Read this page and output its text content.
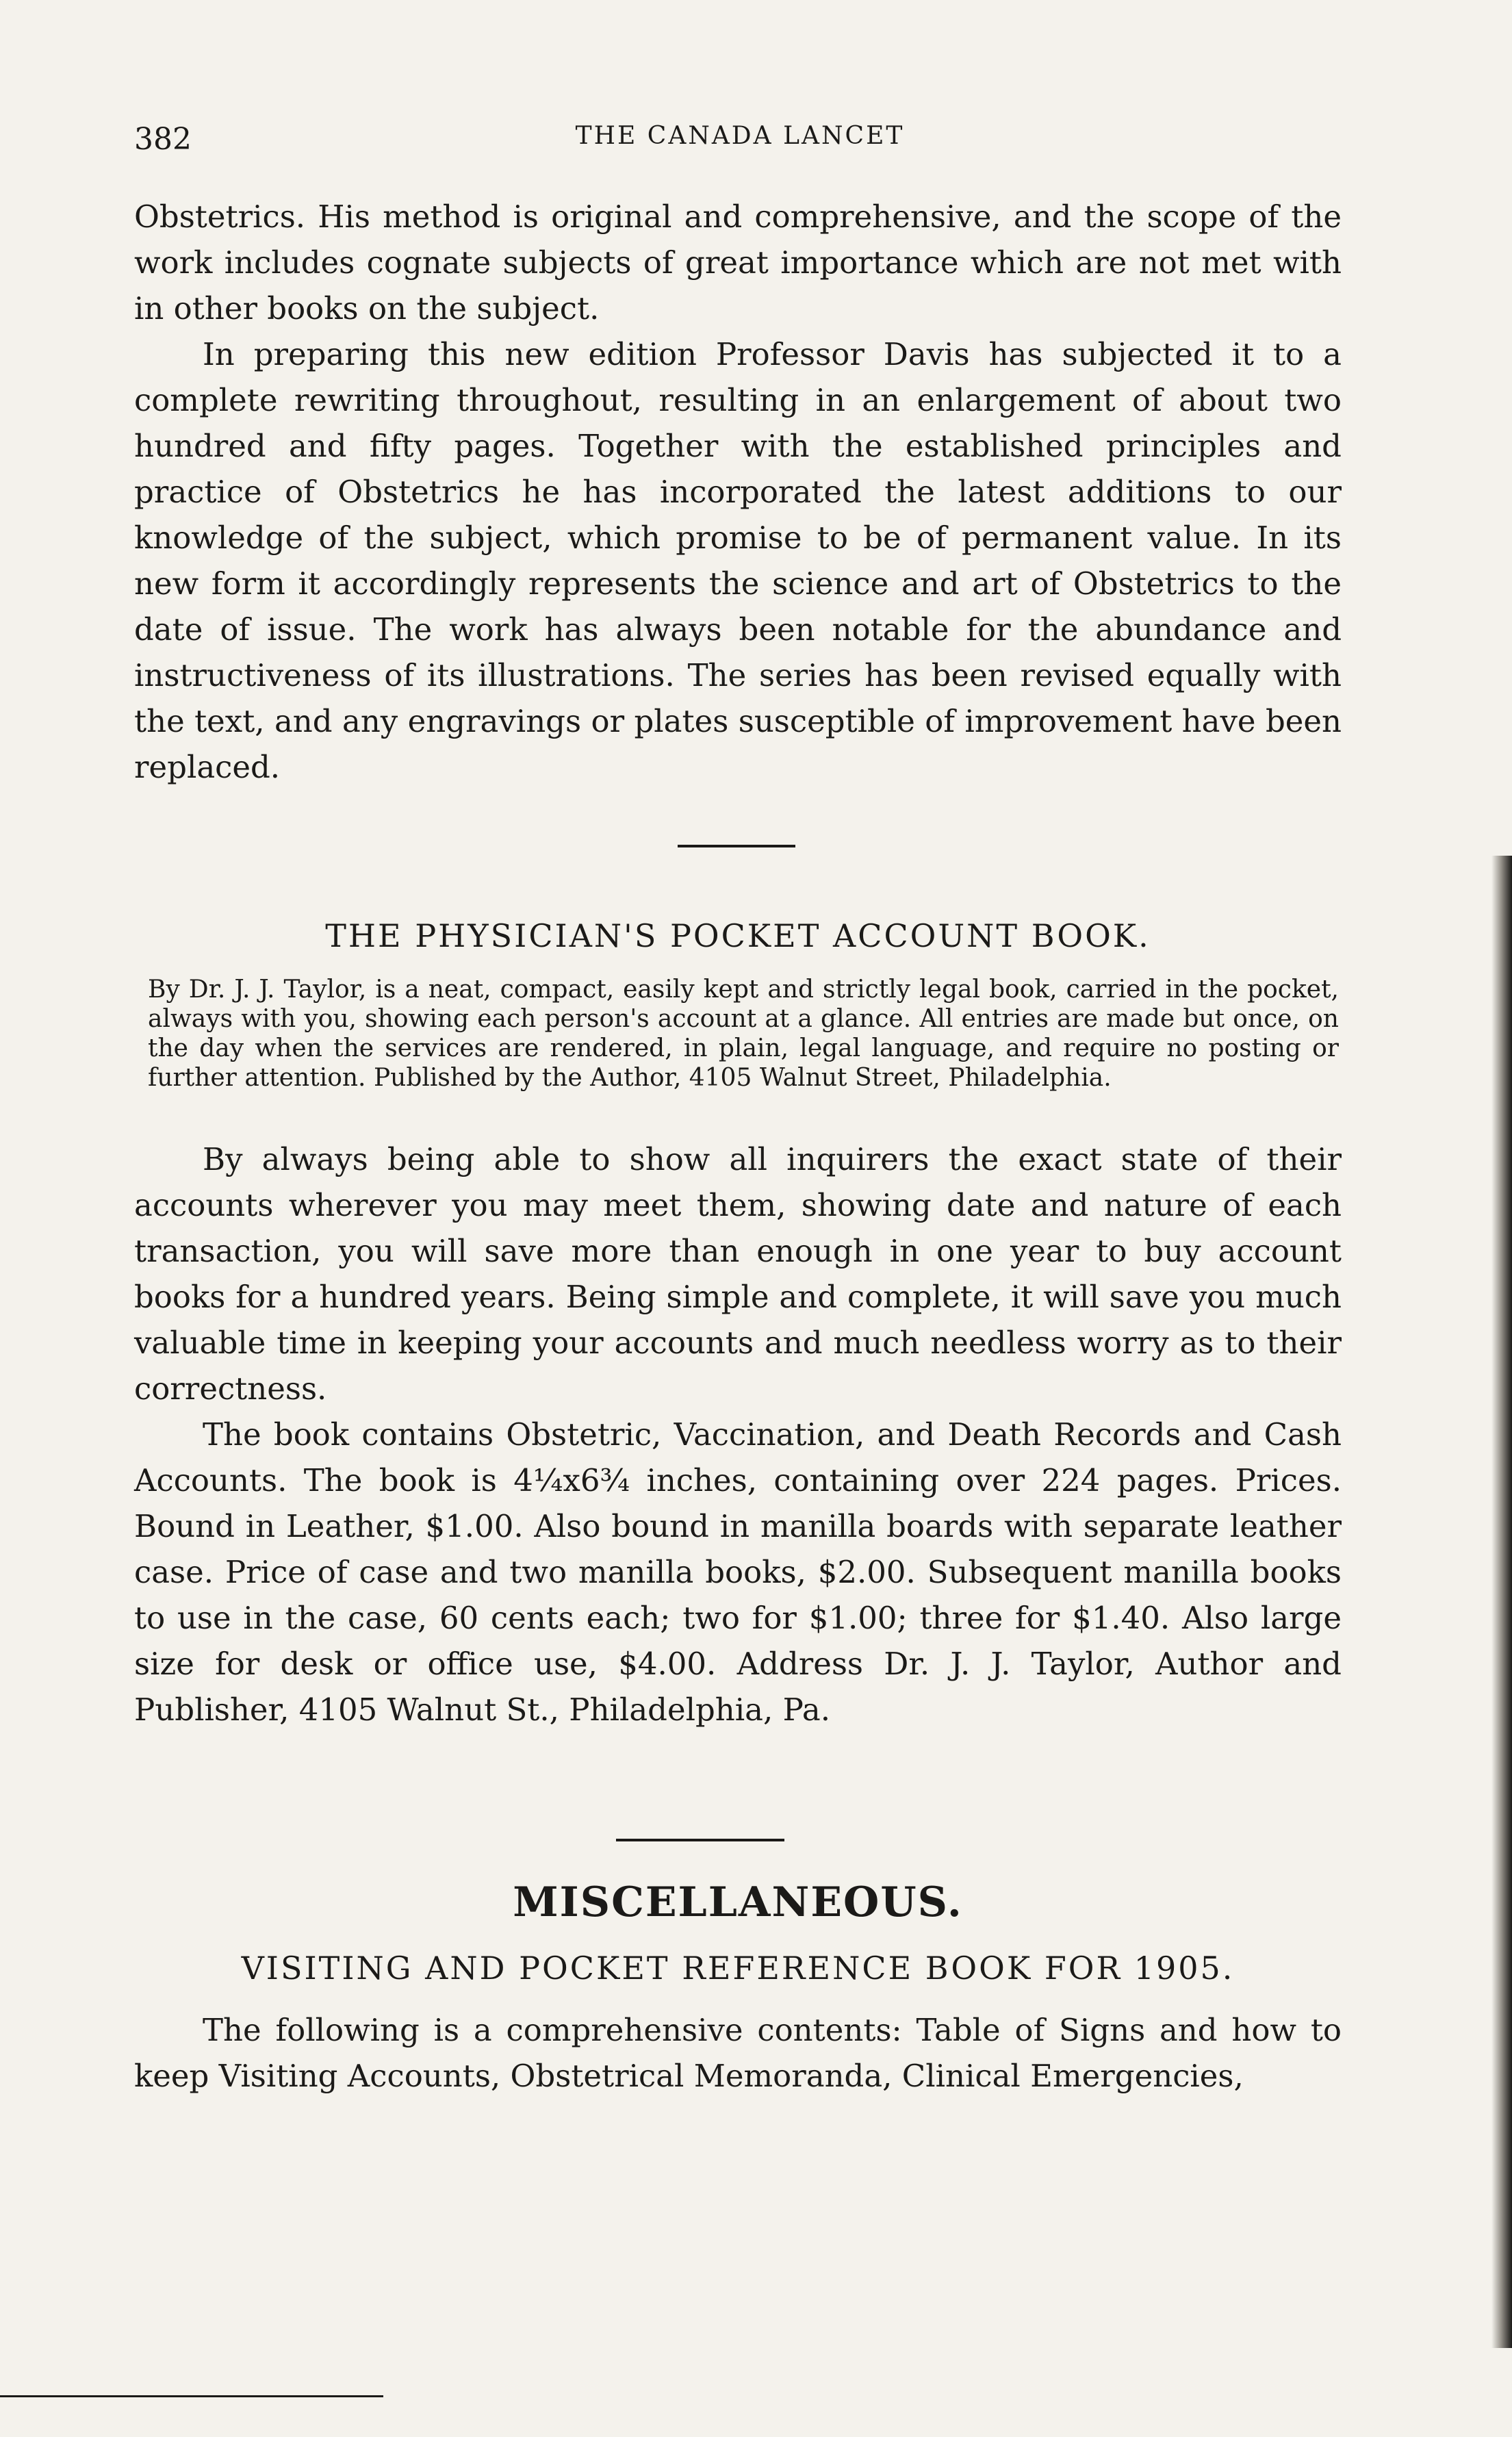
382	THE CANADA LANCET

Obstetrics. His method is original and comprehensive, and the scope of the work includes cognate subjects of great importance which are not met with in other books on the subject.

In preparing this new edition Professor Davis has subjected it to a complete rewriting throughout, resulting in an enlargement of about two hundred and fifty pages. Together with the established principles and practice of Obstetrics he has incorporated the latest additions to our knowledge of the subject, which promise to be of permanent value. In its new form it accordingly represents the science and art of Obstetrics to the date of issue. The work has always been notable for the abundance and instructiveness of its illustrations. The series has been revised equally with the text, and any engravings or plates susceptible of improvement have been replaced.

THE PHYSICIAN'S POCKET ACCOUNT BOOK.
By Dr. J. J. Taylor, is a neat, compact, easily kept and strictly legal book, carried in the pocket, always with you, showing each person's account at a glance. All entries are made but once, on the day when the services are rendered, in plain, legal language, and require no posting or further attention. Published by the Author, 4105 Walnut Street, Philadelphia.

By always being able to show all inquirers the exact state of their accounts wherever you may meet them, showing date and nature of each transaction, you will save more than enough in one year to buy account books for a hundred years. Being simple and complete, it will save you much valuable time in keeping your accounts and much needless worry as to their correctness.

The book contains Obstetric, Vaccination, and Death Records and Cash Accounts. The book is 4¼x6¾ inches, containing over 224 pages. Prices. Bound in Leather, $1.00. Also bound in manilla boards with separate leather case. Price of case and two manilla books, $2.00. Subsequent manilla books to use in the case, 60 cents each; two for $1.00; three for $1.40. Also large size for desk or office use, $4.00. Address Dr. J. J. Taylor, Author and Publisher, 4105 Walnut St., Philadelphia, Pa.

MISCELLANEOUS.
VISITING AND POCKET REFERENCE BOOK FOR 1905.

The following is a comprehensive contents: Table of Signs and how to keep Visiting Accounts, Obstetrical Memoranda, Clinical Emergencies,
